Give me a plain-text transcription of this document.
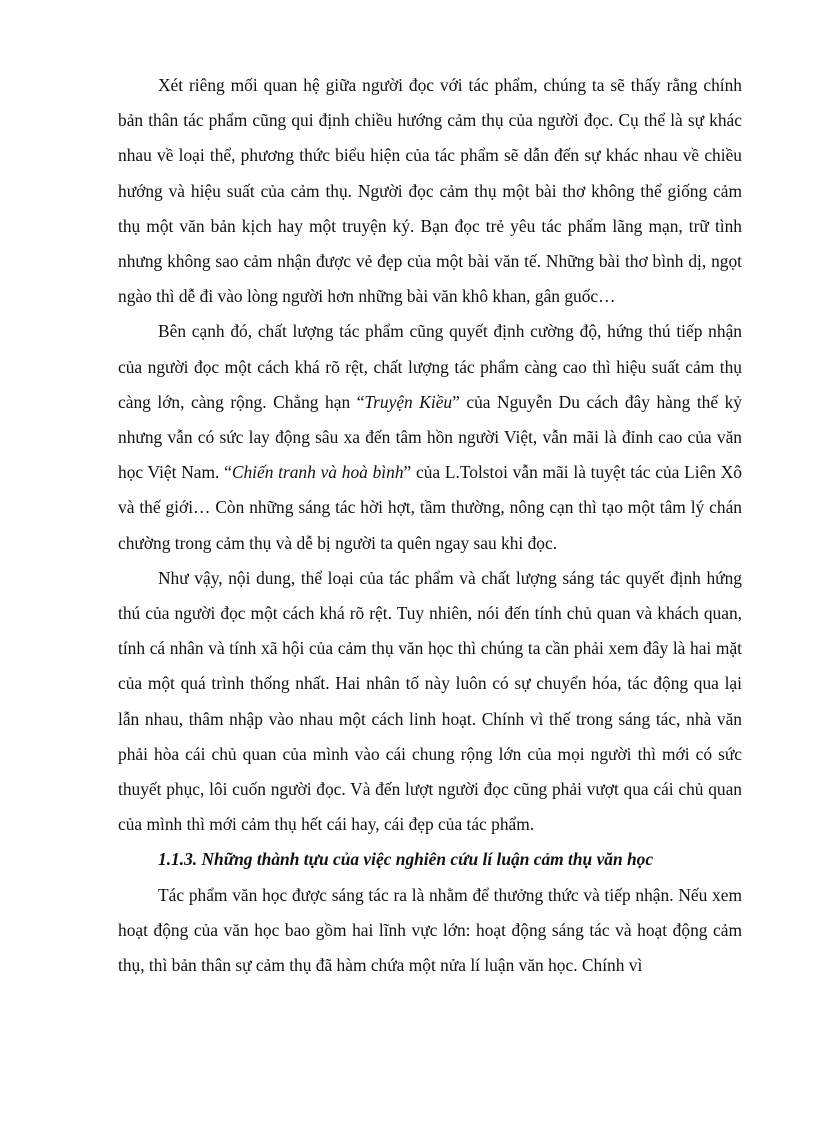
Xét riêng mối quan hệ giữa người đọc với tác phẩm, chúng ta sẽ thấy rằng chính bản thân tác phẩm cũng qui định chiều hướng cảm thụ của người đọc. Cụ thể là sự khác nhau về loại thể, phương thức biểu hiện của tác phẩm sẽ dẫn đến sự khác nhau về chiều hướng và hiệu suất của cảm thụ. Người đọc cảm thụ một bài thơ không thể giống cảm thụ một văn bản kịch hay một truyện ký. Bạn đọc trẻ yêu tác phẩm lãng mạn, trữ tình nhưng không sao cảm nhận được vẻ đẹp của một bài văn tế. Những bài thơ bình dị, ngọt ngào thì dễ đi vào lòng người hơn những bài văn khô khan, gân guốc…

Bên cạnh đó, chất lượng tác phẩm cũng quyết định cường độ, hứng thú tiếp nhận của người đọc một cách khá rõ rệt, chất lượng tác phẩm càng cao thì hiệu suất cảm thụ càng lớn, càng rộng. Chẳng hạn “Truyện Kiều” của Nguyễn Du cách đây hàng thế kỷ nhưng vẫn có sức lay động sâu xa đến tâm hồn người Việt, vẫn mãi là đỉnh cao của văn học Việt Nam. “Chiến tranh và hoà bình” của L.Tolstoi vẫn mãi là tuyệt tác của Liên Xô và thế giới… Còn những sáng tác hời hợt, tầm thường, nông cạn thì tạo một tâm lý chán chường trong cảm thụ và dễ bị người ta quên ngay sau khi đọc.

Như vậy, nội dung, thể loại của tác phẩm và chất lượng sáng tác quyết định hứng thú của người đọc một cách khá rõ rệt. Tuy nhiên, nói đến tính chủ quan và khách quan, tính cá nhân và tính xã hội của cảm thụ văn học thì chúng ta cần phải xem đây là hai mặt của một quá trình thống nhất. Hai nhân tố này luôn có sự chuyển hóa, tác động qua lại lẫn nhau, thâm nhập vào nhau một cách linh hoạt. Chính vì thế trong sáng tác, nhà văn phải hòa cái chủ quan của mình vào cái chung rộng lớn của mọi người thì mới có sức thuyết phục, lôi cuốn người đọc. Và đến lượt người đọc cũng phải vượt qua cái chủ quan của mình thì mới cảm thụ hết cái hay, cái đẹp của tác phẩm.

1.1.3. Những thành tựu của việc nghiên cứu lí luận cảm thụ văn học

Tác phẩm văn học được sáng tác ra là nhằm để thưởng thức và tiếp nhận. Nếu xem hoạt động của văn học bao gồm hai lĩnh vực lớn: hoạt động sáng tác và hoạt động cảm thụ, thì bản thân sự cảm thụ đã hàm chứa một nửa lí luận văn học. Chính vì
